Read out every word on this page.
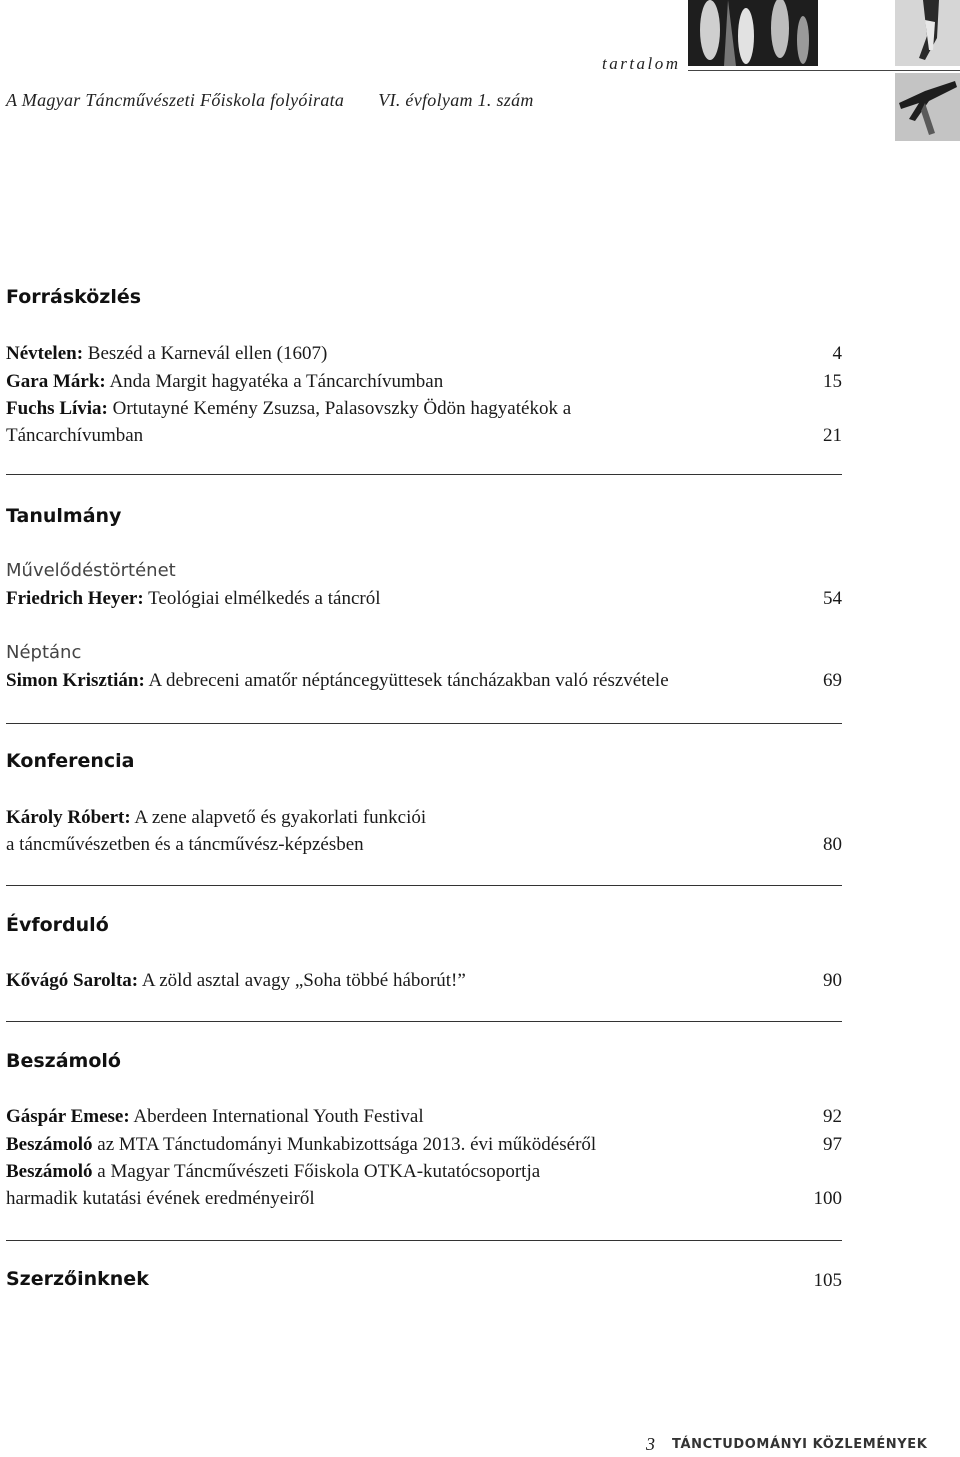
A Magyar Táncművészeti Főiskola folyóirata VI. évfolyam 1. szám
tartalom
Forrásközlés
Névtelen: Beszéd a Karnevál ellen (1607)	4
Gara Márk: Anda Margit hagyatéka a Táncarchívumban	15
Fuchs Lívia: Ortutayné Kemény Zsuzsa, Palasovszky Ödön hagyatékok a
Táncarchívumban	21
Tanulmány
Művelődéstörténet
Friedrich Heyer: Teológiai elmélkedés a táncról	54
Néptánc
Simon Krisztián: A debreceni amatőr néptáncegyüttesek táncházakban való részvétele	69
Konferencia
Károly Róbert: A zene alapvető és gyakorlati funkciói
a táncművészetben és a táncművész-képzésben	80
Évforduló
Kővágó Sarolta: A zöld asztal avagy „Soha többé háborút!”	90
Beszámoló
Gáspár Emese: Aberdeen International Youth Festival	92
Beszámoló az MTA Tánctudományi Munkabizottsága 2013. évi működéséről	97
Beszámoló a Magyar Táncművészeti Főiskola OTKA-kutatócsoportja
harmadik kutatási évének eredményeiről	100
Szerzőinknek	105
3 TÁNCTUDOMÁNYI KÖZLEMÉNYEK
